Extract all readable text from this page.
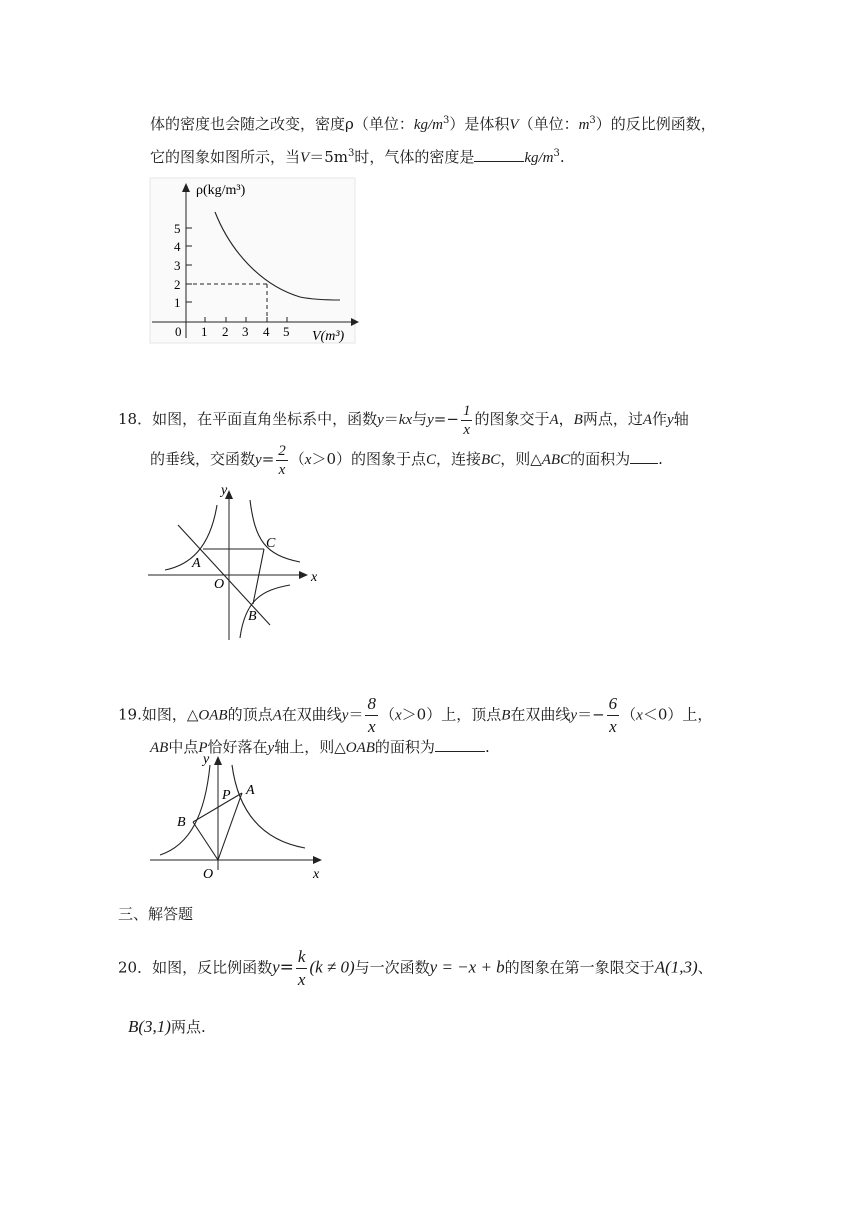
体的密度也会随之改变，密度ρ（单位：$kg/m^3$）是体积V（单位：$m^3$）的反比例函数，
它的图象如图所示，当$V=5m^3$时，气体的密度是	$kg/m^3$.
ρ(kg/m³)
V(m³)
0 1 2 3 4 5
1
2
3
4
5
18．如图，在平面直角坐标系中，函数y＝kx与$y=- \frac{1}{x}$ 的图象交于A，B两点，过A作y轴
的垂线，交函数$y= \frac{2}{x} (x>0)$的图象于点C，连接BC，则△ABC的面积为 .
y
x
A
C
O
B
19.如图，△OAB的顶点A在双曲线$y= \frac{8}{x} (x>0)$上，顶点B在双曲线$y=- \frac{6}{x} (x<0)$上，
AB中点P恰好落在y轴上，则△OAB的面积为	.
y
x
A
P
B
O
三、解答题
20．如图，反比例函数$y= \frac{k}{x} (k \ne 0)$与一次函数y = −x + b的图象在第一象限交于A(1,3)、
B(3,1)两点.
